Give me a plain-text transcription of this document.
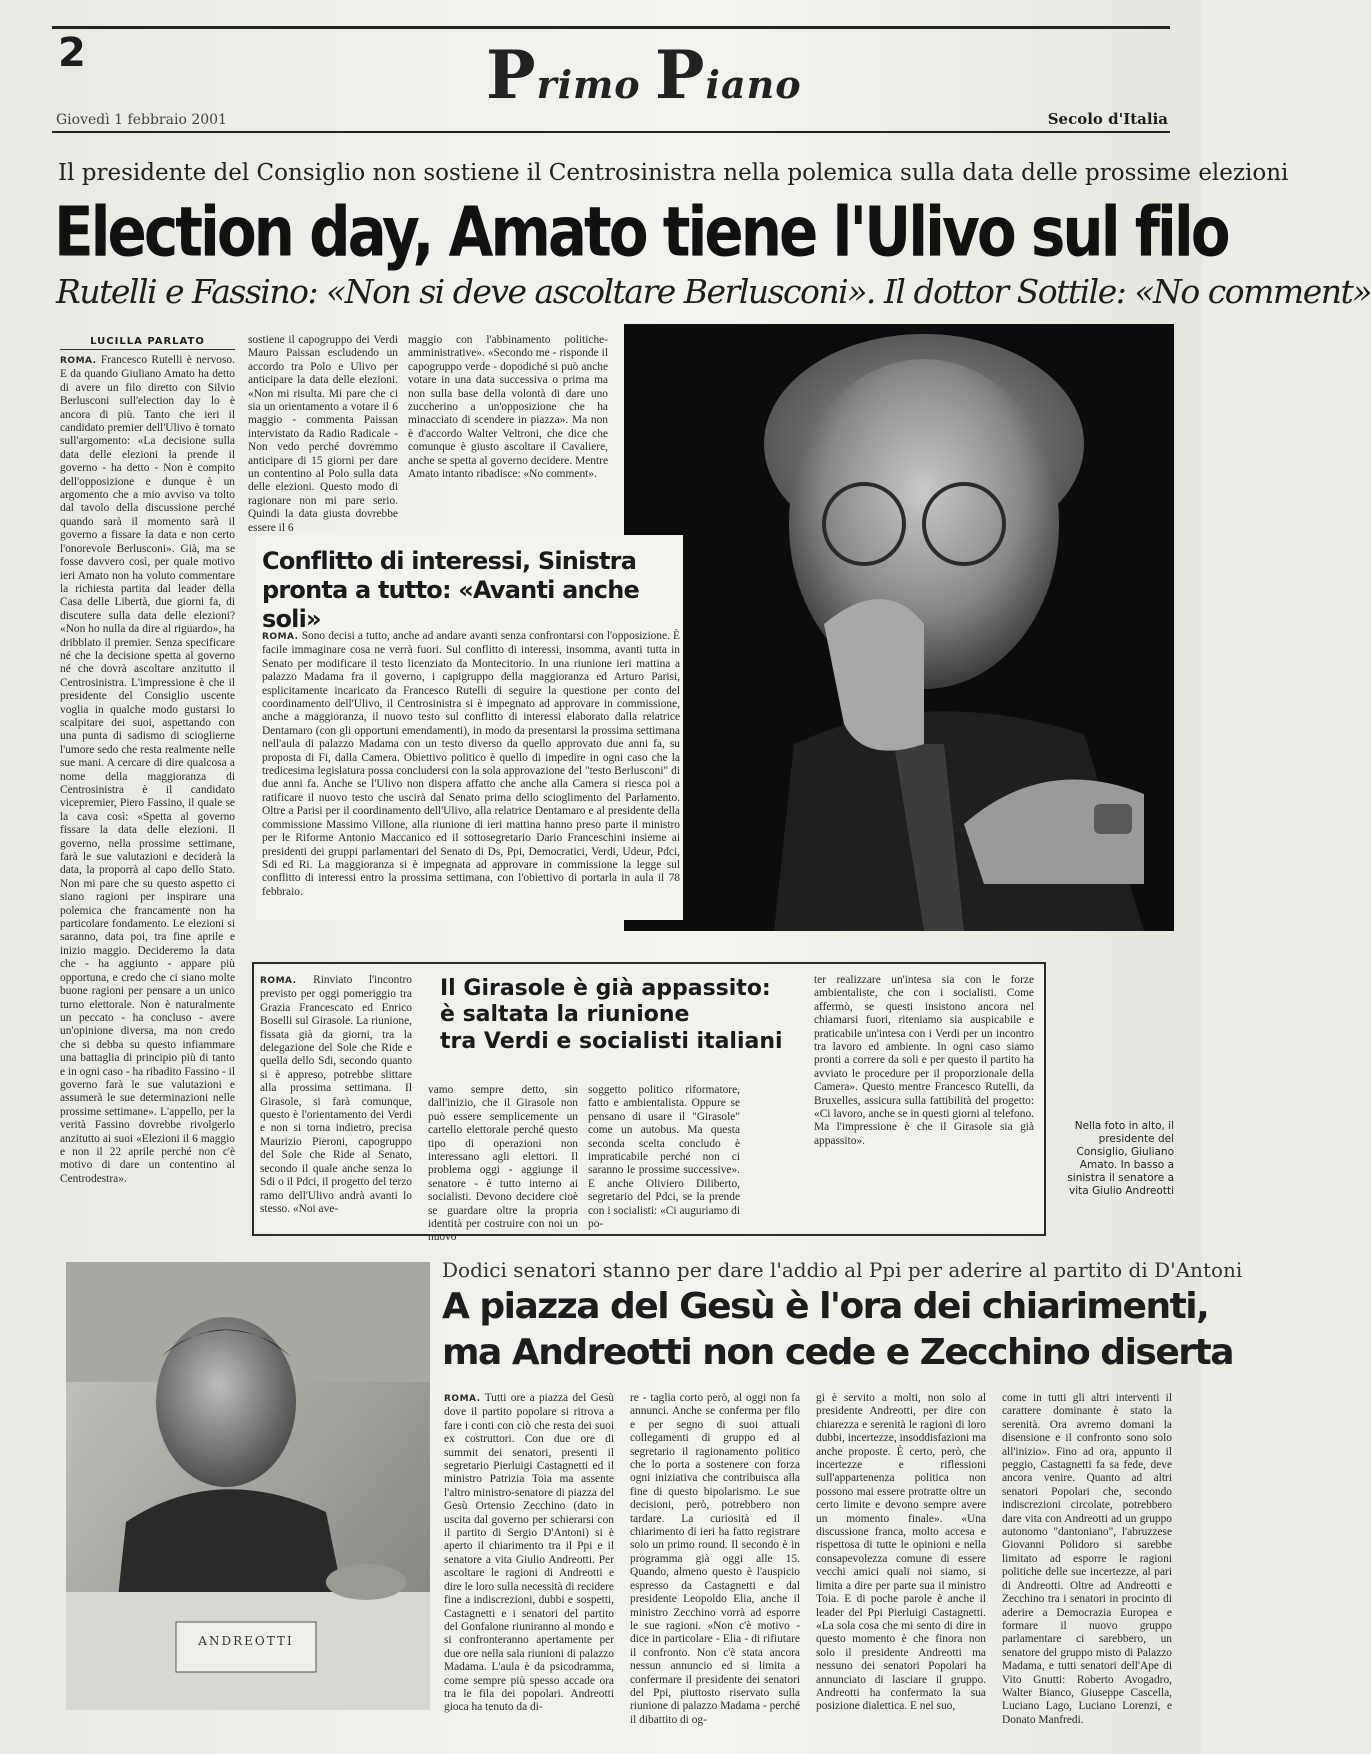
2	Primo Piano
Giovedì 1 febbraio 2001	Secolo d'Italia
Il presidente del Consiglio non sostiene il Centrosinistra nella polemica sulla data delle prossime elezioni
Election day, Amato tiene l'Ulivo sul filo
Rutelli e Fassino: «Non si deve ascoltare Berlusconi». Il dottor Sottile: «No comment»
LUCILLA PARLATO
ROMA. Francesco Rutelli è nervoso. E da quando Giuliano Amato ha detto di avere un filo diretto con Silvio Berlusconi sull'election day lo è ancora di più. Tanto che ieri il candidato premier dell'Ulivo è tornato sull'argomento: «La decisione sulla data delle elezioni la prende il governo - ha detto - Non è compito dell'opposizione e dunque è un argomento che a mio avviso va tolto dal tavolo della discussione perché quando sarà il momento sarà il governo a fissare la data e non certo l'onorevole Berlusconi». Già, ma se fosse davvero così, per quale motivo ieri Amato non ha voluto commentare la richiesta partita dal leader della Casa delle Libertà, due giorni fa, di discutere sulla data delle elezioni? «Non ho nulla da dire al riguardo», ha dribblato il premier. Senza specificare né che la decisione spetta al governo né che dovrà ascoltare anzitutto il Centrosinistra. L'impressione è che il presidente del Consiglio uscente voglia in qualche modo gustarsi lo scalpitare dei suoi, aspettando con una punta di sadismo di scioglierne l'umore sedo che resta realmente nelle sue mani. A cercare di dire qualcosa a nome della maggioranza di Centrosinistra è il candidato vicepremier, Piero Fassino, il quale se la cava così: «Spetta al governo fissare la data delle elezioni. Il governo, nella prossime settimane, farà le sue valutazioni e deciderà la data, la proporrà al capo dello Stato. Non mi pare che su questo aspetto ci siano ragioni per inspirare una polemica che francamente non ha particolare fondamento. Le elezioni si saranno, data poi, tra fine aprile e inizio maggio. Decideremo la data che - ha aggiunto - appare più opportuna, e credo che ci siano molte buone ragioni per pensare a un unico turno elettorale. Non è naturalmente un peccato - ha concluso - avere un'opinione diversa, ma non credo che si debba su questo infiammare una battaglia di principio più di tanto e in ogni caso - ha ribadito Fassino - il governo farà le sue valutazioni e assumerà le sue determinazioni nelle prossime settimane». L'appello, per la verità Fassino dovrebbe rivolgerlo anzitutto ai suoi «Elezioni il 6 maggio e non il 22 aprile perché non c'è motivo di dare un contentino al Centrodestra».
sostiene il capogruppo dei Verdi Mauro Paissan escludendo un accordo tra Polo e Ulivo per anticipare la data delle elezioni. «Non mi risulta. Mi pare che ci sia un orientamento a votare il 6 maggio - commenta Paissan intervistato da Radio Radicale - Non vedo perché dovremmo anticipare di 15 giorni per dare un contentino al Polo sulla data delle elezioni. Questo modo di ragionare non mi pare serio. Quindi la data giusta dovrebbe essere il 6
maggio con l'abbinamento politiche-amministrative». «Secondo me - risponde il capogruppo verde - dopodiché si può anche votare in una data successiva o prima ma non sulla base della volontà di dare uno zuccherino a un'opposizione che ha minacciato di scendere in piazza». Ma non è d'accordo Walter Veltroni, che dice che comunque è giusto ascoltare il Cavaliere, anche se spetta al governo decidere. Mentre Amato intanto ribadisce: «No comment».
Conflitto di interessi, Sinistra pronta a tutto: «Avanti anche soli»
ROMA. Sono decisi a tutto, anche ad andare avanti senza confrontarsi con l'opposizione. È facile immaginare cosa ne verrà fuori. Sul conflitto di interessi, insomma, avanti tutta in Senato per modificare il testo licenziato da Montecitorio. In una riunione ieri mattina a palazzo Madama fra il governo, i capigruppo della maggioranza ed Arturo Parisi, esplicitamente incaricato da Francesco Rutelli di seguire la questione per conto del coordinamento dell'Ulivo, il Centrosinistra si è impegnato ad approvare in commissione, anche a maggioranza, il nuovo testo sul conflitto di interessi elaborato dalla relatrice Dentamaro (con gli opportuni emendamenti), in modo da presentarsi la prossima settimana nell'aula di palazzo Madama con un testo diverso da quello approvato due anni fa, su proposta di Fi, dalla Camera. Obiettivo politico è quello di impedire in ogni caso che la tredicesima legislatura possa concludersi con la sola approvazione del "testo Berlusconi" di due anni fa. Anche se l'Ulivo non dispera affatto che anche alla Camera si riesca poi a ratificare il nuovo testo che uscirà dal Senato prima dello scioglimento del Parlamento. Oltre a Parisi per il coordinamento dell'Ulivo, alla relatrice Dentamaro e al presidente della commissione Massimo Villone, alla riunione di ieri mattina hanno preso parte il ministro per le Riforme Antonio Maccanico ed il sottosegretario Dario Franceschini insieme ai presidenti dei gruppi parlamentari del Senato di Ds, Ppi, Democratici, Verdi, Udeur, Pdci, Sdi ed Ri. La maggioranza si è impegnata ad approvare in commissione la legge sul conflitto di interessi entro la prossima settimana, con l'obiettivo di portarla in aula il 78 febbraio.
Nella foto in alto, il presidente del Consiglio, Giuliano Amato. In basso a sinistra il senatore a vita Giulio Andreotti
ROMA. Rinviato l'incontro previsto per oggi pomeriggio tra Grazia Francescato ed Enrico Boselli sul Girasole. La riunione, fissata già da giorni, tra la delegazione del Sole che Ride e quella dello Sdi, secondo quanto si è appreso, potrebbe slittare alla prossima settimana. Il Girasole, si farà comunque, questo è l'orientamento dei Verdi e non si torna indietro, precisa Maurizio Pieroni, capogruppo del Sole che Ride al Senato, secondo il quale anche senza lo Sdi o il Pdci, il progetto del terzo ramo dell'Ulivo andrà avanti lo stesso. «Noi ave-
Il Girasole è già appassito:
è saltata la riunione
tra Verdi e socialisti italiani
vamo sempre detto, sin dall'inizio, che il Girasole non può essere semplicemente un cartello elettorale perché questo tipo di operazioni non interessano agli elettori. Il problema oggi - aggiunge il senatore - è tutto interno ai socialisti. Devono decidere cioè se guardare oltre la propria identità per costruire con noi un nuovo
soggetto politico riformatore, fatto e ambientalista. Oppure se pensano di usare il "Girasole" come un autobus. Ma questa seconda scelta concludo è impraticabile perché non ci saranno le prossime successive». E anche Oliviero Diliberto, segretario del Pdci, se la prende con i socialisti: «Ci auguriamo di po-
ter realizzare un'intesa sia con le forze ambientaliste, che con i socialisti. Come affermò, se questi insistono ancora nel chiamarsi fuori, riteniamo sia auspicabile e praticabile un'intesa con i Verdi per un incontro tra lavoro ed ambiente. In ogni caso siamo pronti a correre da soli e per questo il partito ha avviato le procedure per il proporzionale della Camera». Questo mentre Francesco Rutelli, da Bruxelles, assicura sulla fattibilità del progetto: «Ci lavoro, anche se in questi giorni al telefono. Ma l'impressione è che il Girasole sia già appassito».
ANDREOTTI
Dodici senatori stanno per dare l'addio al Ppi per aderire al partito di D'Antoni
A piazza del Gesù è l'ora dei chiarimenti,
ma Andreotti non cede e Zecchino diserta
ROMA. Tutti ore a piazza del Gesù dove il partito popolare si ritrova a fare i conti con ciò che resta dei suoi ex costruttori. Con due ore di summit dei senatori, presenti il segretario Pierluigi Castagnetti ed il ministro Patrizia Toia ma assente l'altro ministro-senatore di piazza del Gesù Ortensio Zecchino (dato in uscita dal governo per schierarsi con il partito di Sergio D'Antoni) si è aperto il chiarimento tra il Ppi e il senatore a vita Giulio Andreotti. Per ascoltare le ragioni di Andreotti e dire le loro sulla necessità di recidere fine a indiscrezioni, dubbi e sospetti, Castagnetti e i senatori del partito del Gonfalone riuniranno al mondo e si confronteranno apertamente per due ore nella sala riunioni di palazzo Madama. L'aula è da psicodramma, come sempre più spesso accade ora tra le fila dei popolari. Andreotti gioca ha tenuto da di-
re - taglia corto però, al oggi non fa annunci. Anche se conferma per filo e per segno di suoi attuali collegamenti di gruppo ed al segretario il ragionamento politico che lo porta a sostenere con forza ogni iniziativa che contribuisca alla fine di questo bipolarismo. Le sue decisioni, però, potrebbero non tardare. La curiosità ed il chiarimento di ieri ha fatto registrare solo un primo round. Il secondo è in programma già oggi alle 15. Quando, almeno questo è l'auspicio espresso da Castagnetti e dal presidente Leopoldo Elia, anche il ministro Zecchino vorrà ad esporre le sue ragioni. «Non c'è motivo - dice in particolare - Elia - di rifiutare il confronto. Non c'è stata ancora nessun annuncio ed si limita a confermare il presidente dei senatori del Ppi, piuttosto riservato sulla riunione di palazzo Madama - perché il dibattito di og-
gi è servito a molti, non solo al presidente Andreotti, per dire con chiarezza e serenità le ragioni di loro dubbi, incertezze, insoddisfazioni ma anche proposte. È certo, però, che incertezze e riflessioni sull'appartenenza politica non possono mai essere protratte oltre un certo limite e devono sempre avere un momento finale». «Una discussione franca, molto accesa e rispettosa di tutte le opinioni e nella consapevolezza comune di essere vecchi amici quali noi siamo, si limita a dire per parte sua il ministro Toia. E di poche parole è anche il leader del Ppi Pierluigi Castagnetti. «La sola cosa che mi sento di dire in questo momento è che finora non solo il presidente Andreotti ma nessuno dei senatori Popolari ha annunciato di lasciare il gruppo. Andreotti ha confermato la sua posizione dialettica. E nel suo,
come in tutti gli altri interventi il carattere dominante è stato la serenità. Ora avremo domani la disensione e il confronto sono solo all'inizio». Fino ad ora, appunto il peggio, Castagnetti fa sa fede, deve ancora venire. Quanto ad altri senatori Popolari che, secondo indiscrezioni circolate, potrebbero dare vita con Andreotti ad un gruppo autonomo "dantoniano", l'abruzzese Giovanni Polidoro si sarebbe limitato ad esporre le ragioni politiche delle sue incertezze, al pari di Andreotti. Oltre ad Andreotti e Zecchino tra i senatori in procinto di aderire a Democrazia Europea e formare il nuovo gruppo parlamentare ci sarebbero, un senatore del gruppo misto di Palazzo Madama, e tutti senatori dell'Ape di Vito Gnutti: Roberto Avogadro, Walter Bianco, Giuseppe Cascella, Luciano Lago, Luciano Lorenzi, e Donato Manfredi.
